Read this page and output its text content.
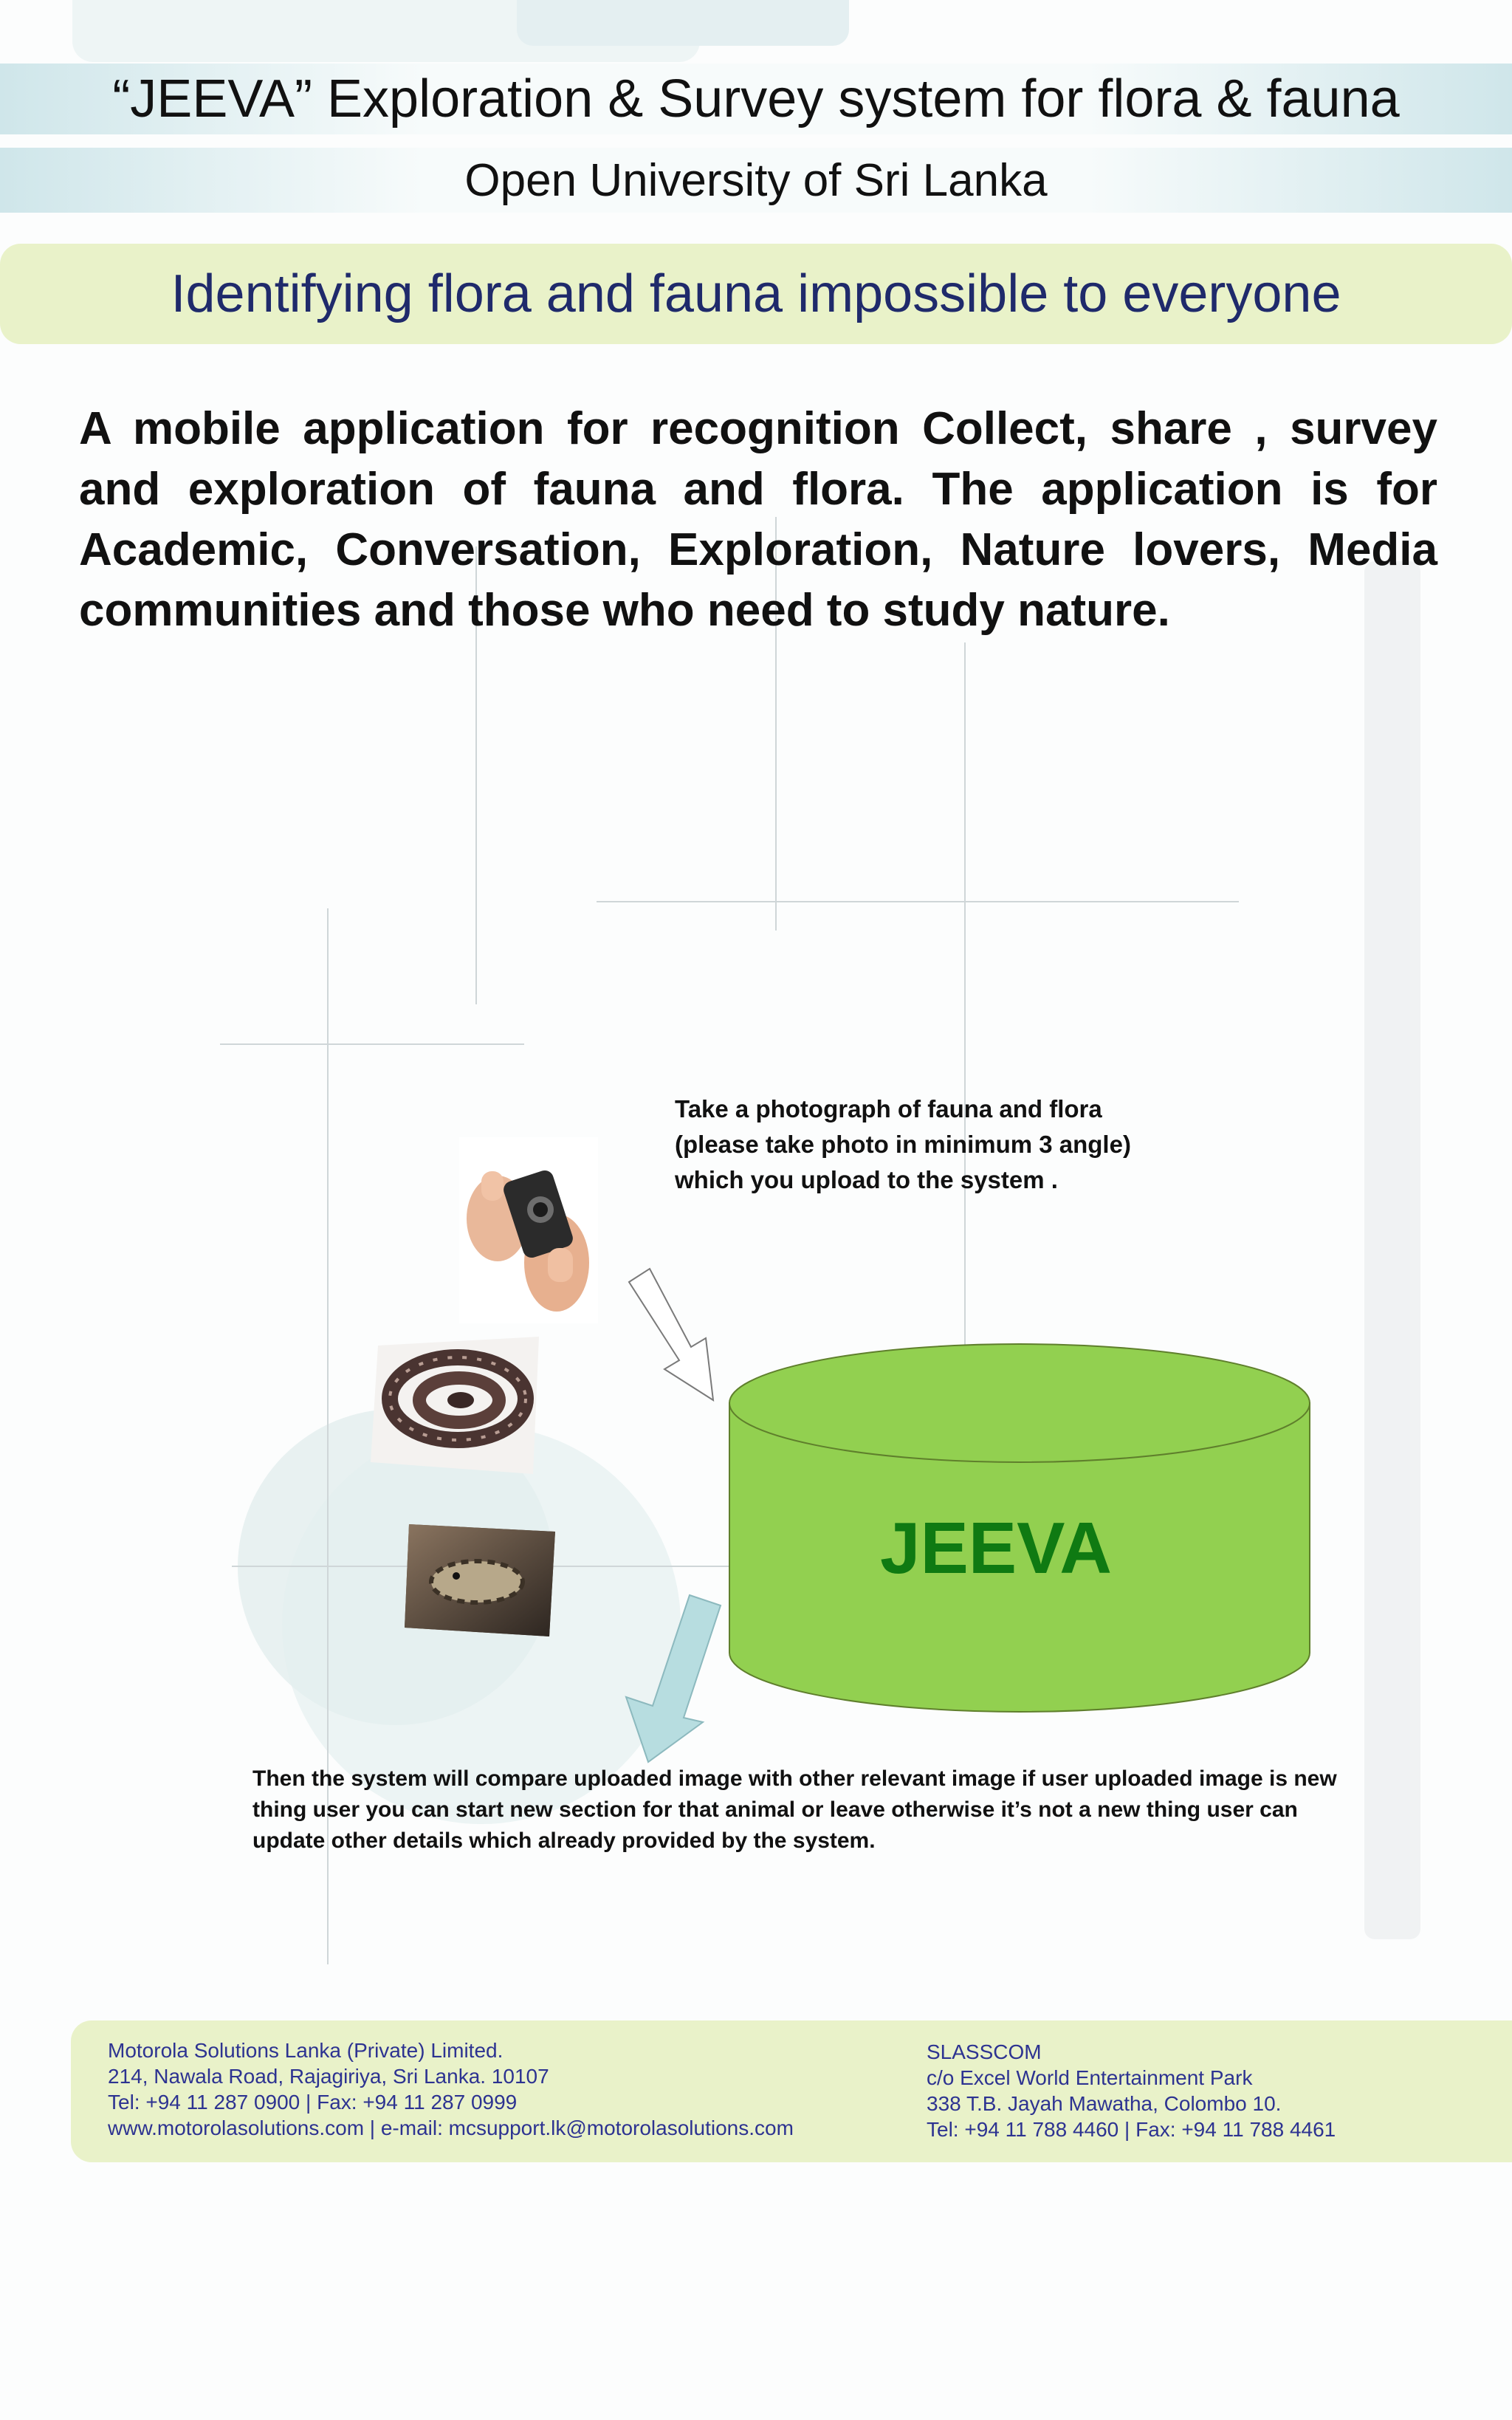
“JEEVA” Exploration & Survey system for flora & fauna
Open University of Sri Lanka
Identifying flora and fauna impossible to everyone
A mobile application for recognition Collect, share , survey and exploration of fauna and flora. The application is for Academic, Conversation, Exploration, Nature lovers, Media communities and those who need to study nature.
Take a photograph of fauna and flora (please take photo in minimum 3 angle) which you upload to the system .
JEEVA
Then the system will compare uploaded image with other relevant image if user uploaded image is new thing user you can start new section for that animal or leave otherwise it’s not a new thing user can update other details which already provided by the system.
Motorola Solutions Lanka (Private) Limited.
214, Nawala Road, Rajagiriya, Sri Lanka. 10107
Tel: +94 11 287 0900 | Fax: +94 11 287 0999
www.motorolasolutions.com | e-mail: mcsupport.lk@motorolasolutions.com
SLASSCOM
c/o Excel World Entertainment Park
338 T.B. Jayah Mawatha, Colombo 10.
Tel: +94 11 788 4460 | Fax: +94 11 788 4461
